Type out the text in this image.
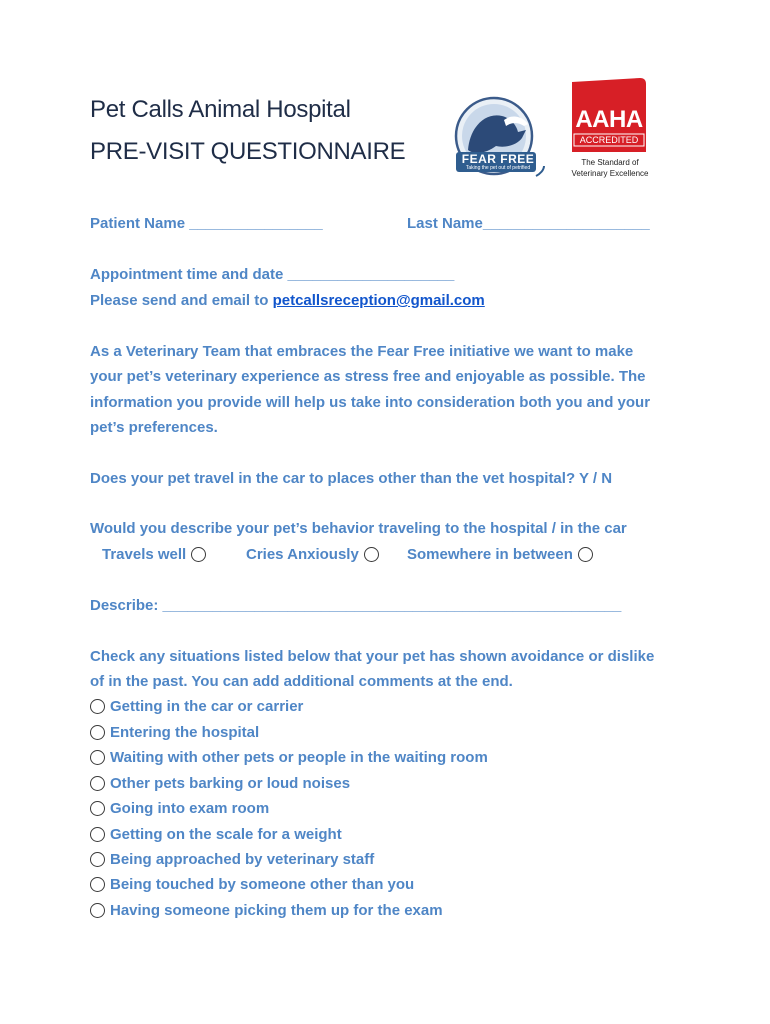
Pet Calls Animal Hospital
PRE-VISIT QUESTIONNAIRE	FEAR FREE
Taking the pet out of petrified
AAHA
ACCREDITED
The Standard of
Veterinary Excellence
Patient Name ________________	Last Name____________________
Appointment time and date ____________________
Please send and email to petcallsreception@gmail.com
As a Veterinary Team that embraces the Fear Free initiative we want to make
your pet’s veterinary experience as stress free and enjoyable as possible. The
information you provide will help us take into consideration both you and your
pet’s preferences.
Does your pet travel in the car to places other than the vet hospital? Y / N
Would you describe your pet’s behavior traveling to the hospital / in the car
Travels well	Cries Anxiously	Somewhere in between
Describe: _______________________________________________________
Check any situations listed below that your pet has shown avoidance or dislike
of in the past. You can add additional comments at the end.
Getting in the car or carrier
Entering the hospital
Waiting with other pets or people in the waiting room
Other pets barking or loud noises
Going into exam room
Getting on the scale for a weight
Being approached by veterinary staff
Being touched by someone other than you
Having someone picking them up for the exam
